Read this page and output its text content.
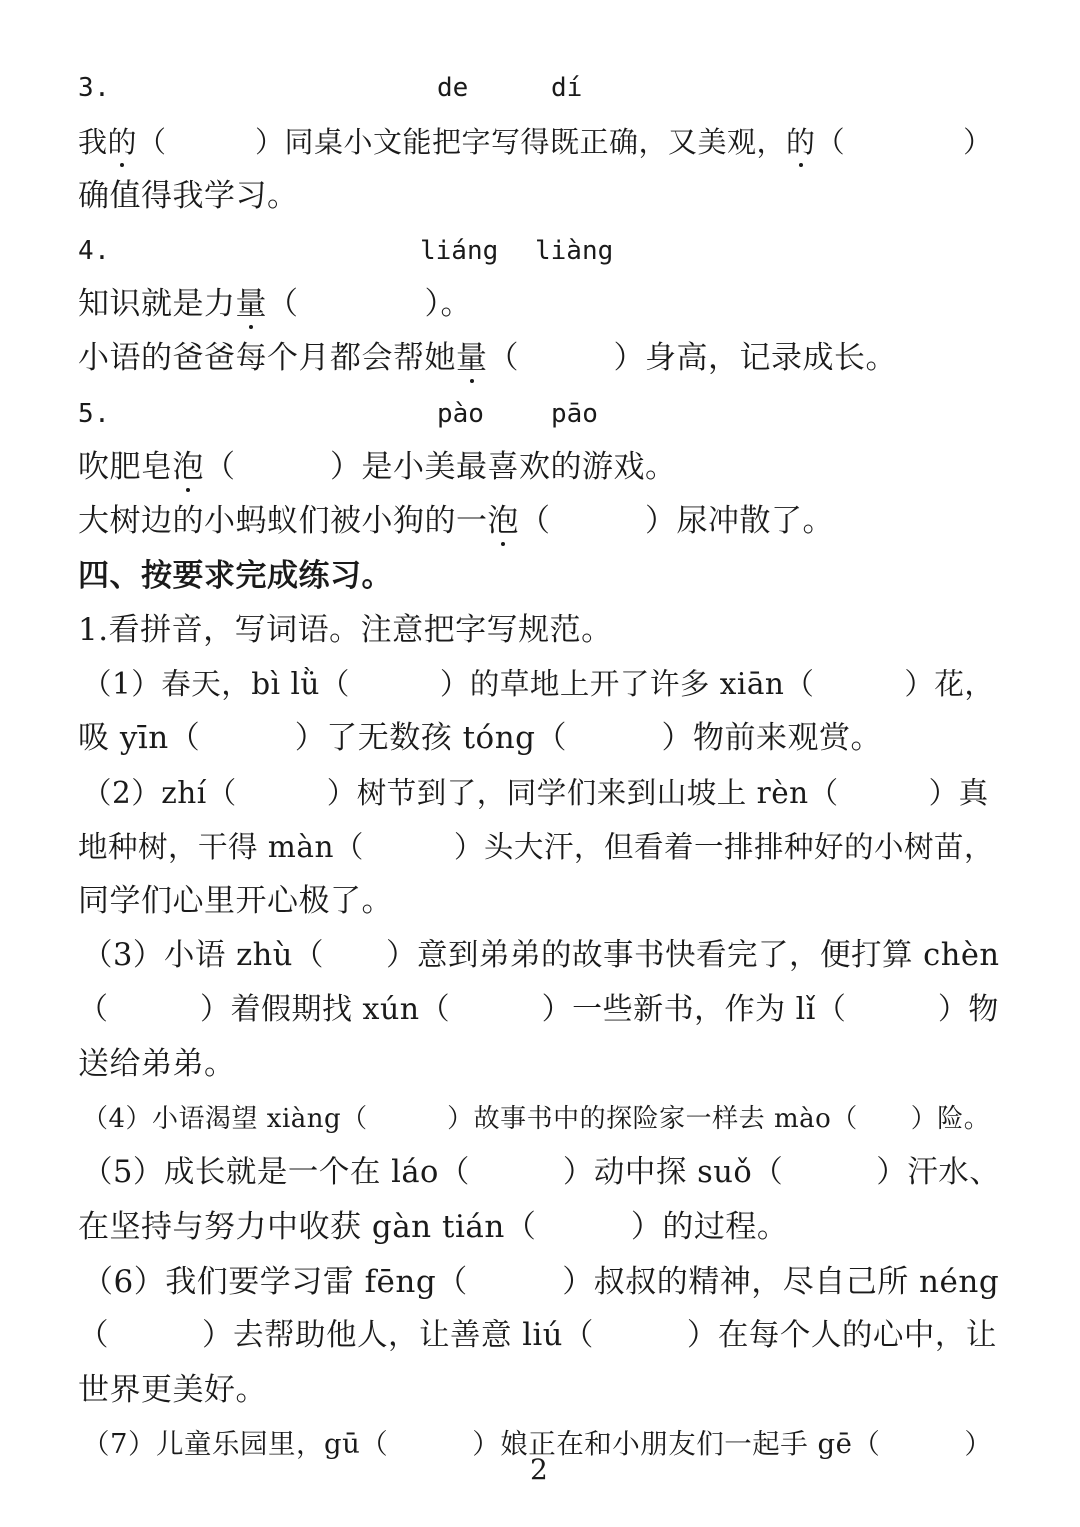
3.	de	dí
我的（　　　）同桌小文能把字写得既正确，又美观，的（　　　　）
确值得我学习。
4.	liáng liàng
知识就是力量（　　　　）。
小语的爸爸每个月都会帮她量（　　　）身高，记录成长。
5.	pào	pāo
吹肥皂泡（　　　）是小美最喜欢的游戏。
大树边的小蚂蚁们被小狗的一泡（　　　）尿冲散了。
四、按要求完成练习。
1.看拼音，写词语。注意把字写规范。
（1）春天，bì lǜ（　　　）的草地上开了许多 xiān（　　　）花，
吸 yīn（　　　）了无数孩 tóng（　　　）物前来观赏。
（2）zhí（　　　）树节到了，同学们来到山坡上 rèn（　　　）真
地种树，干得 màn（　　　）头大汗，但看着一排排种好的小树苗，
同学们心里开心极了。
（3）小语 zhù（　　）意到弟弟的故事书快看完了，便打算 chèn
（　　　）着假期找 xún（　　　）一些新书，作为 lǐ（　　　）物
送给弟弟。
（4）小语渴望 xiàng（　　　）故事书中的探险家一样去 mào（　　）险。
（5）成长就是一个在 láo（　　　）动中探 suǒ（　　　）汗水、
在坚持与努力中收获 gàn tián（　　　）的过程。
（6）我们要学习雷 fēng（　　　）叔叔的精神，尽自己所 néng
（　　　）去帮助他人，让善意 liú（　　　）在每个人的心中，让
世界更美好。
（7）儿童乐园里，gū（　　　）娘正在和小朋友们一起手 gē（　　　）
2
